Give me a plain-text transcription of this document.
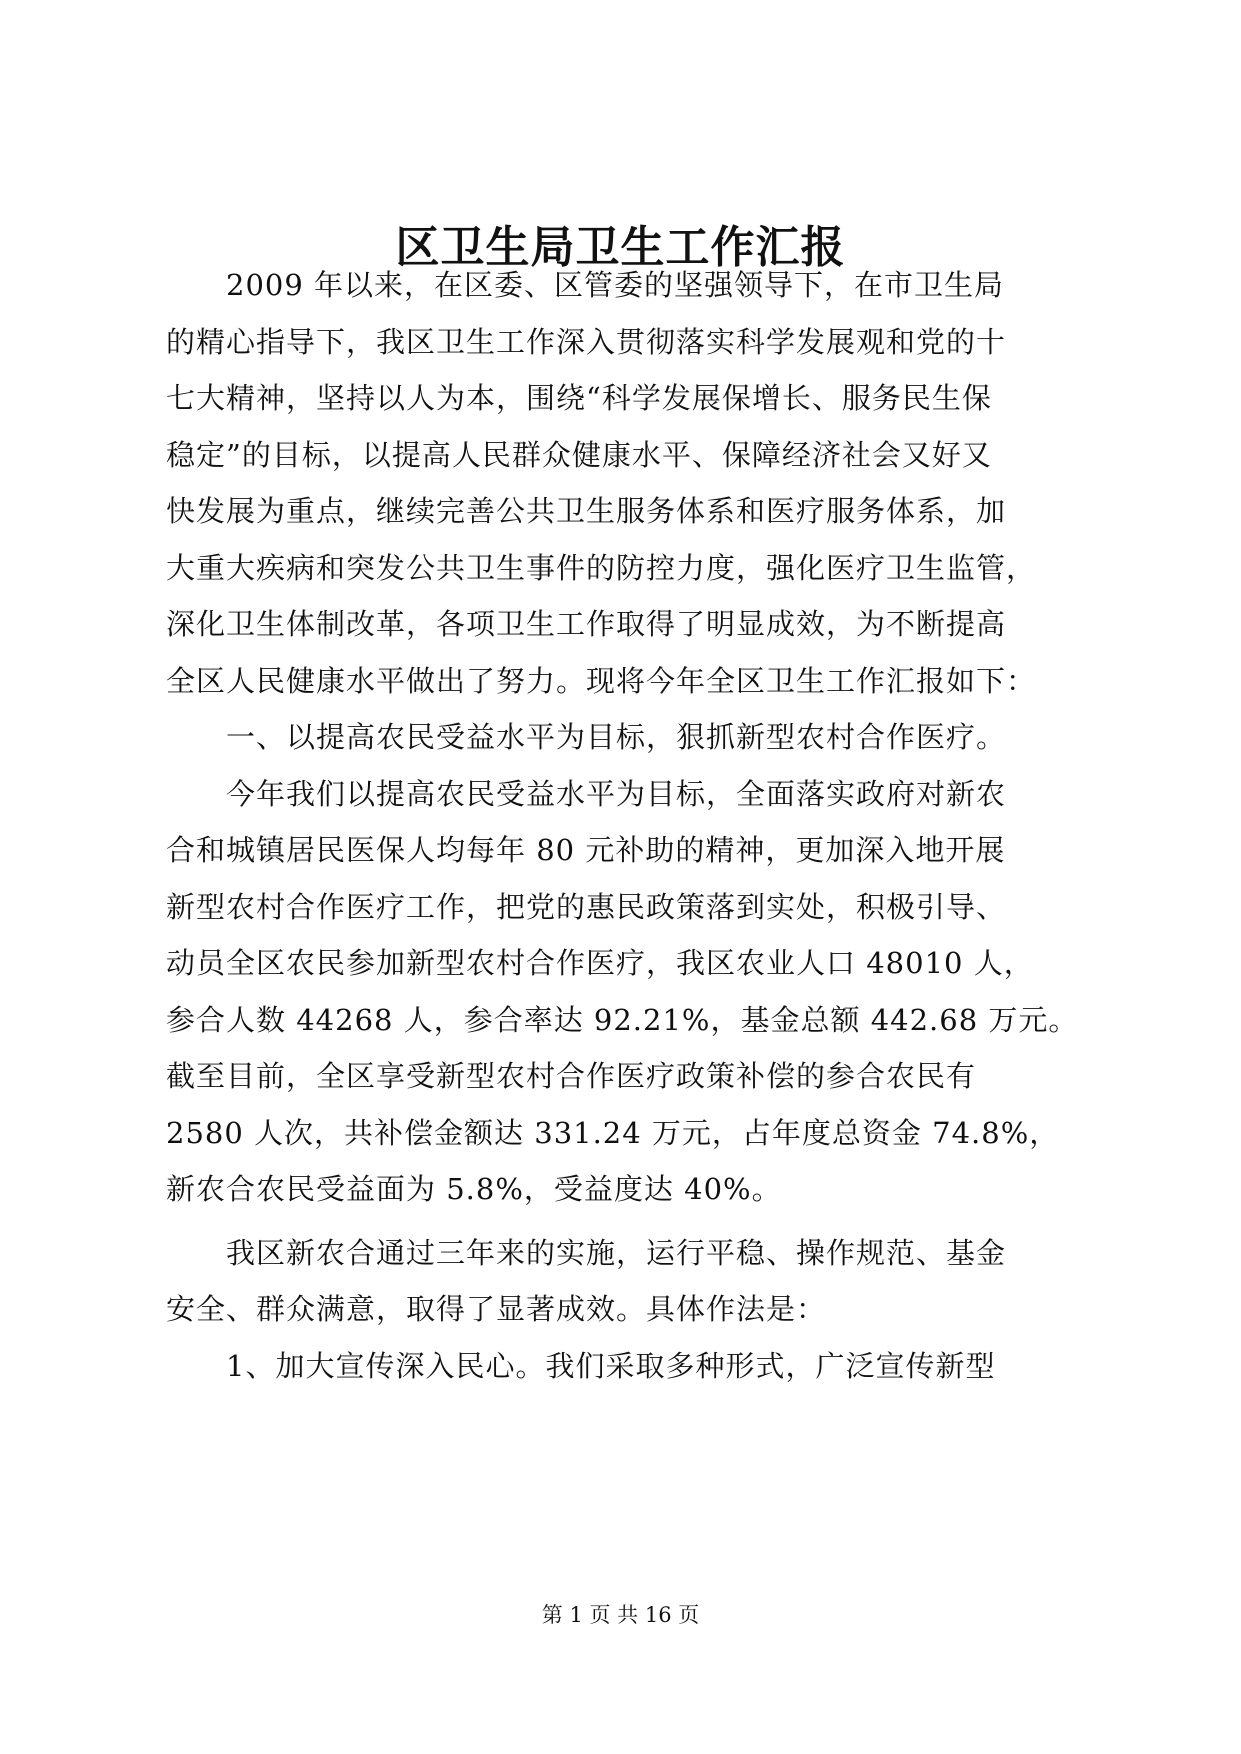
区卫生局卫生工作汇报
　　2009 年以来，在区委、区管委的坚强领导下，在市卫生局
的精心指导下，我区卫生工作深入贯彻落实科学发展观和党的十
七大精神，坚持以人为本，围绕“科学发展保增长、服务民生保
稳定”的目标，以提高人民群众健康水平、保障经济社会又好又
快发展为重点，继续完善公共卫生服务体系和医疗服务体系，加
大重大疾病和突发公共卫生事件的防控力度，强化医疗卫生监管，
深化卫生体制改革，各项卫生工作取得了明显成效，为不断提高
全区人民健康水平做出了努力。现将今年全区卫生工作汇报如下：
　　一、以提高农民受益水平为目标，狠抓新型农村合作医疗。
　　今年我们以提高农民受益水平为目标，全面落实政府对新农
合和城镇居民医保人均每年 80 元补助的精神，更加深入地开展
新型农村合作医疗工作，把党的惠民政策落到实处，积极引导、
动员全区农民参加新型农村合作医疗，我区农业人口 48010 人，
参合人数 44268 人，参合率达 92.21%，基金总额 442.68 万元。
截至目前，全区享受新型农村合作医疗政策补偿的参合农民有
2580 人次，共补偿金额达 331.24 万元，占年度总资金 74.8%，
新农合农民受益面为 5.8%，受益度达 40%。
　　我区新农合通过三年来的实施，运行平稳、操作规范、基金
安全、群众满意，取得了显著成效。具体作法是：
　　1、加大宣传深入民心。我们采取多种形式，广泛宣传新型
第 1 页 共 16 页
